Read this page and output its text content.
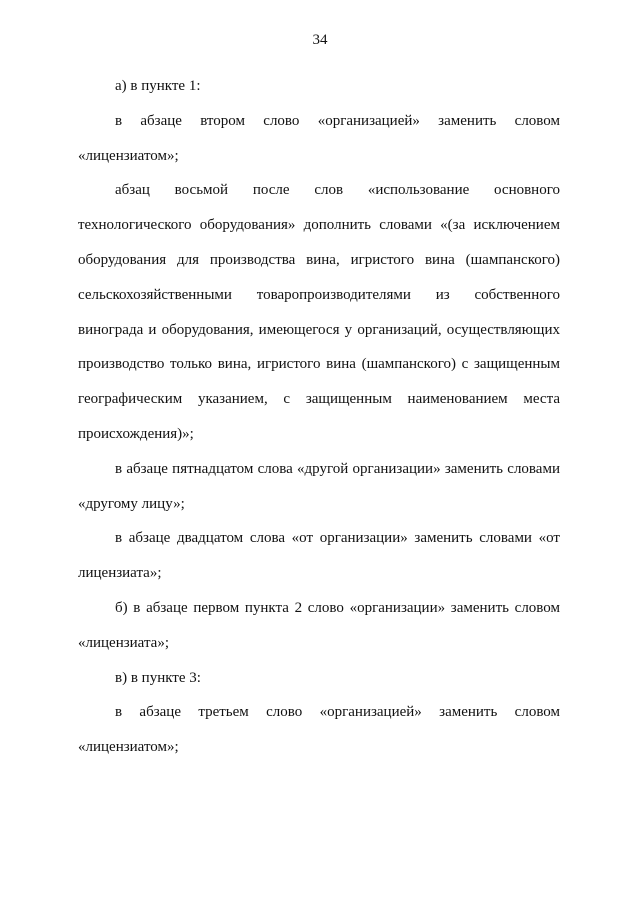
34

а) в пункте 1:

в абзаце втором слово «организацией» заменить словом «лицензиатом»;

абзац восьмой после слов «использование основного технологического оборудования» дополнить словами «(за исключением оборудования для производства вина, игристого вина (шампанского) сельскохозяйственными товаропроизводителями из собственного винограда и оборудования, имеющегося у организаций, осуществляющих производство только вина, игристого вина (шампанского) с защищенным географическим указанием, с защищенным наименованием места происхождения)»;

в абзаце пятнадцатом слова «другой организации» заменить словами «другому лицу»;

в абзаце двадцатом слова «от организации» заменить словами «от лицензиата»;

б) в абзаце первом пункта 2 слово «организации» заменить словом «лицензиата»;

в) в пункте 3:

в абзаце третьем слово «организацией» заменить словом «лицензиатом»;
